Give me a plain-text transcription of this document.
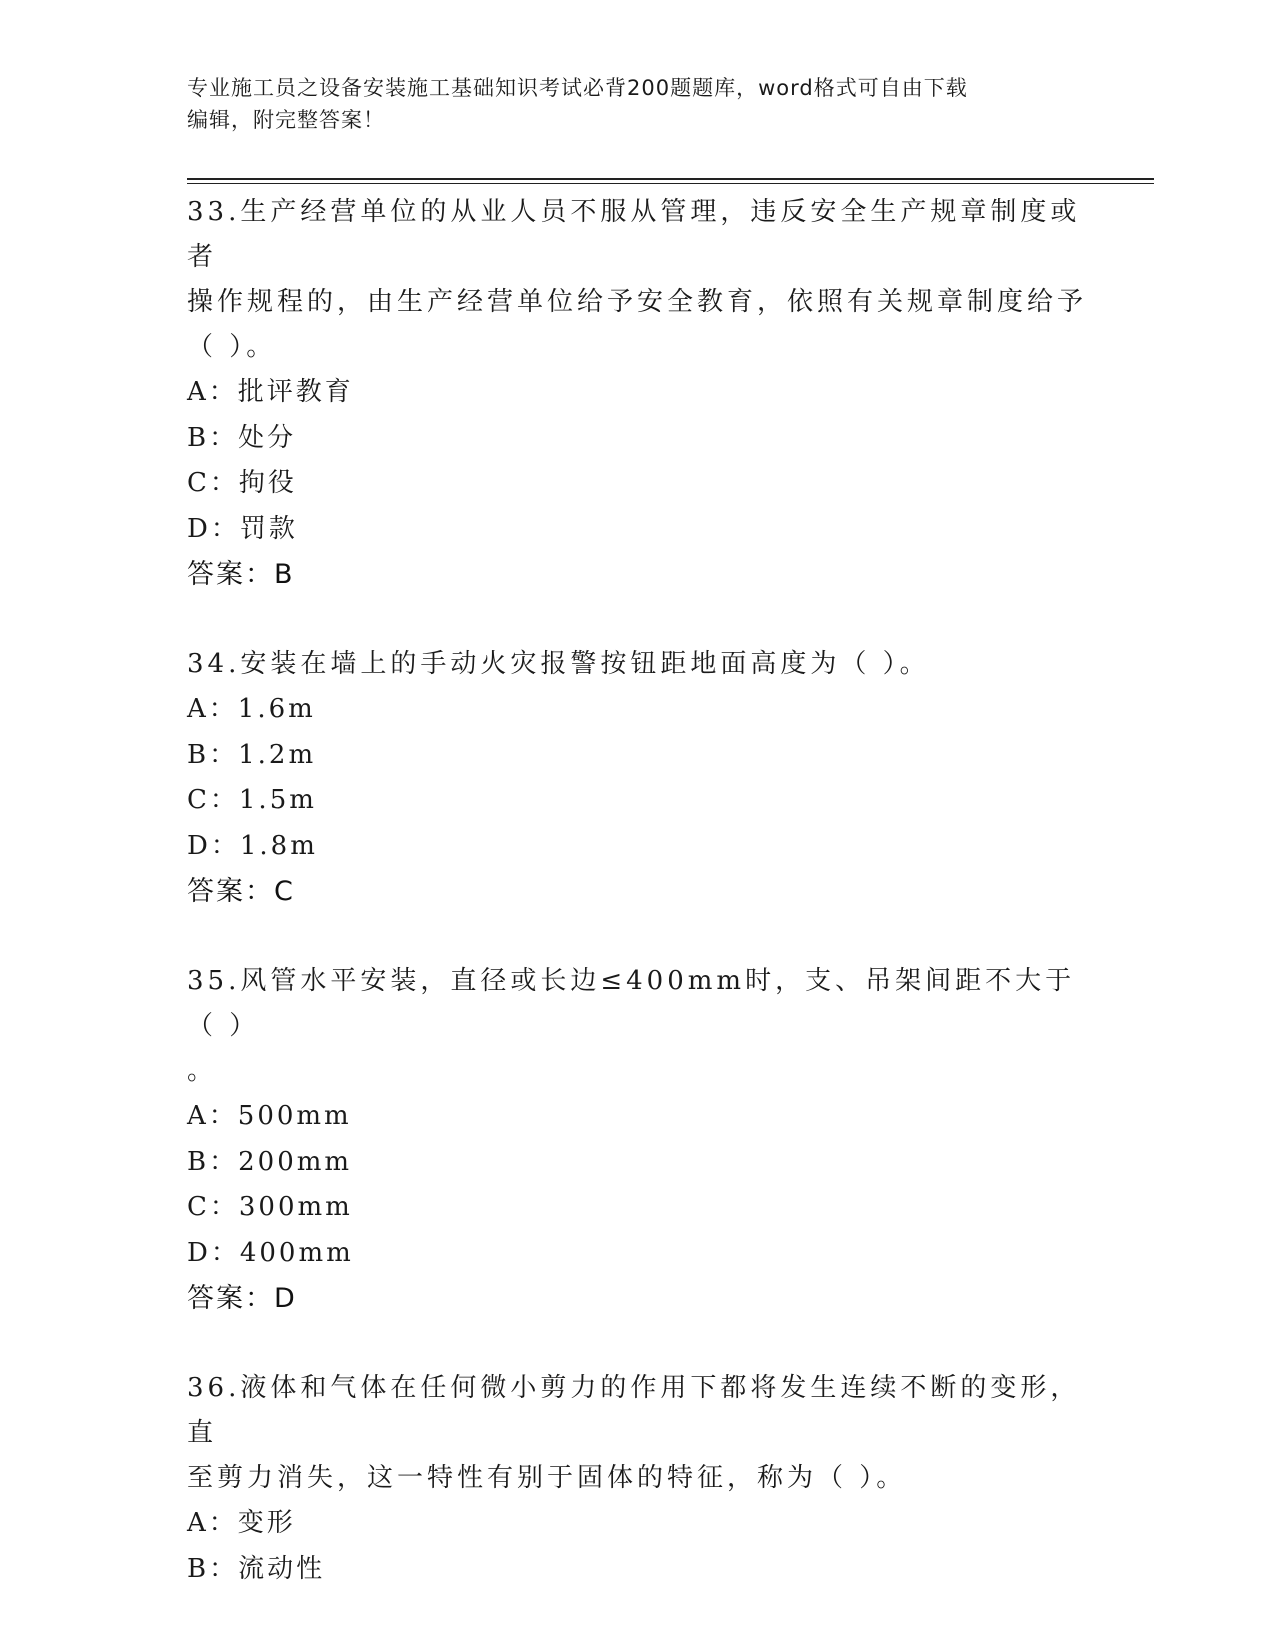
专业施工员之设备安装施工基础知识考试必背200题题库，word格式可自由下载
编辑，附完整答案！

33.生产经营单位的从业人员不服从管理，违反安全生产规章制度或者

操作规程的，由生产经营单位给予安全教育，依照有关规章制度给予

（ ）。

A：批评教育

B：处分

C：拘役

D：罚款

答案：B

34.安装在墙上的手动火灾报警按钮距地面高度为（ ）。

A：1.6m

B：1.2m

C：1.5m

D：1.8m

答案：C

35.风管水平安装，直径或长边≤400mm时，支、吊架间距不大于（ ）

。

A：500mm

B：200mm

C：300mm

D：400mm

答案：D

36.液体和气体在任何微小剪力的作用下都将发生连续不断的变形，直

至剪力消失，这一特性有别于固体的特征，称为（ ）。

A：变形

B：流动性
